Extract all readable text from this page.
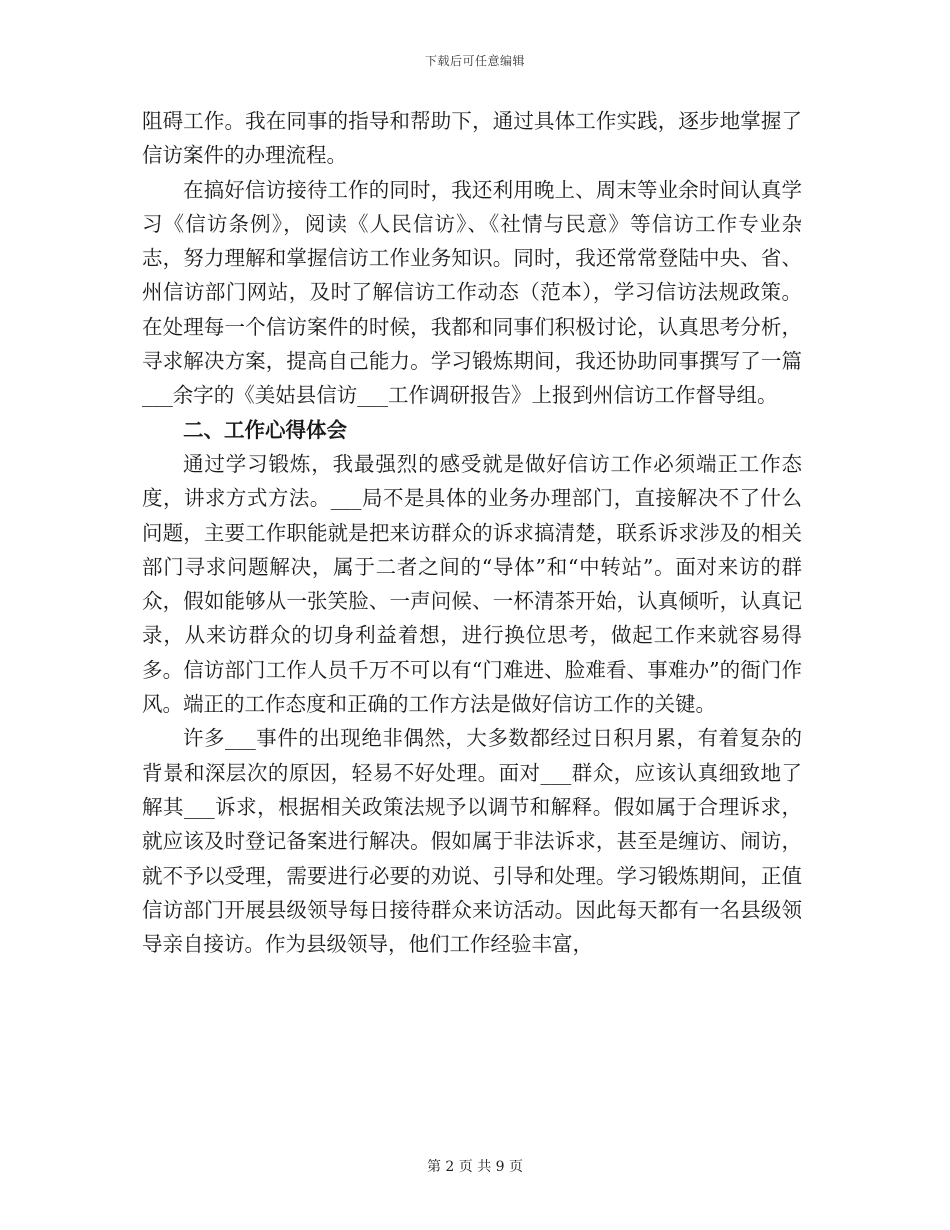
下载后可任意编辑

阻碍工作。我在同事的指导和帮助下，通过具体工作实践，逐步地掌握了信访案件的办理流程。

在搞好信访接待工作的同时，我还利用晚上、周末等业余时间认真学习《信访条例》，阅读《人民信访》、《社情与民意》等信访工作专业杂志，努力理解和掌握信访工作业务知识。同时，我还常常登陆中央、省、州信访部门网站，及时了解信访工作动态（范本），学习信访法规政策。在处理每一个信访案件的时候，我都和同事们积极讨论，认真思考分析，寻求解决方案，提高自己能力。学习锻炼期间，我还协助同事撰写了一篇___余字的《美姑县信访___工作调研报告》上报到州信访工作督导组。

二、工作心得体会

通过学习锻炼，我最强烈的感受就是做好信访工作必须端正工作态度，讲求方式方法。___局不是具体的业务办理部门，直接解决不了什么问题，主要工作职能就是把来访群众的诉求搞清楚，联系诉求涉及的相关部门寻求问题解决，属于二者之间的“导体”和“中转站”。面对来访的群众，假如能够从一张笑脸、一声问候、一杯清茶开始，认真倾听，认真记录，从来访群众的切身利益着想，进行换位思考，做起工作来就容易得多。信访部门工作人员千万不可以有“门难进、脸难看、事难办”的衙门作风。端正的工作态度和正确的工作方法是做好信访工作的关键。

许多___事件的出现绝非偶然，大多数都经过日积月累，有着复杂的背景和深层次的原因，轻易不好处理。面对___群众，应该认真细致地了解其___诉求，根据相关政策法规予以调节和解释。假如属于合理诉求，就应该及时登记备案进行解决。假如属于非法诉求，甚至是缠访、闹访，就不予以受理，需要进行必要的劝说、引导和处理。学习锻炼期间，正值信访部门开展县级领导每日接待群众来访活动。因此每天都有一名县级领导亲自接访。作为县级领导，他们工作经验丰富，

第 2 页 共 9 页
